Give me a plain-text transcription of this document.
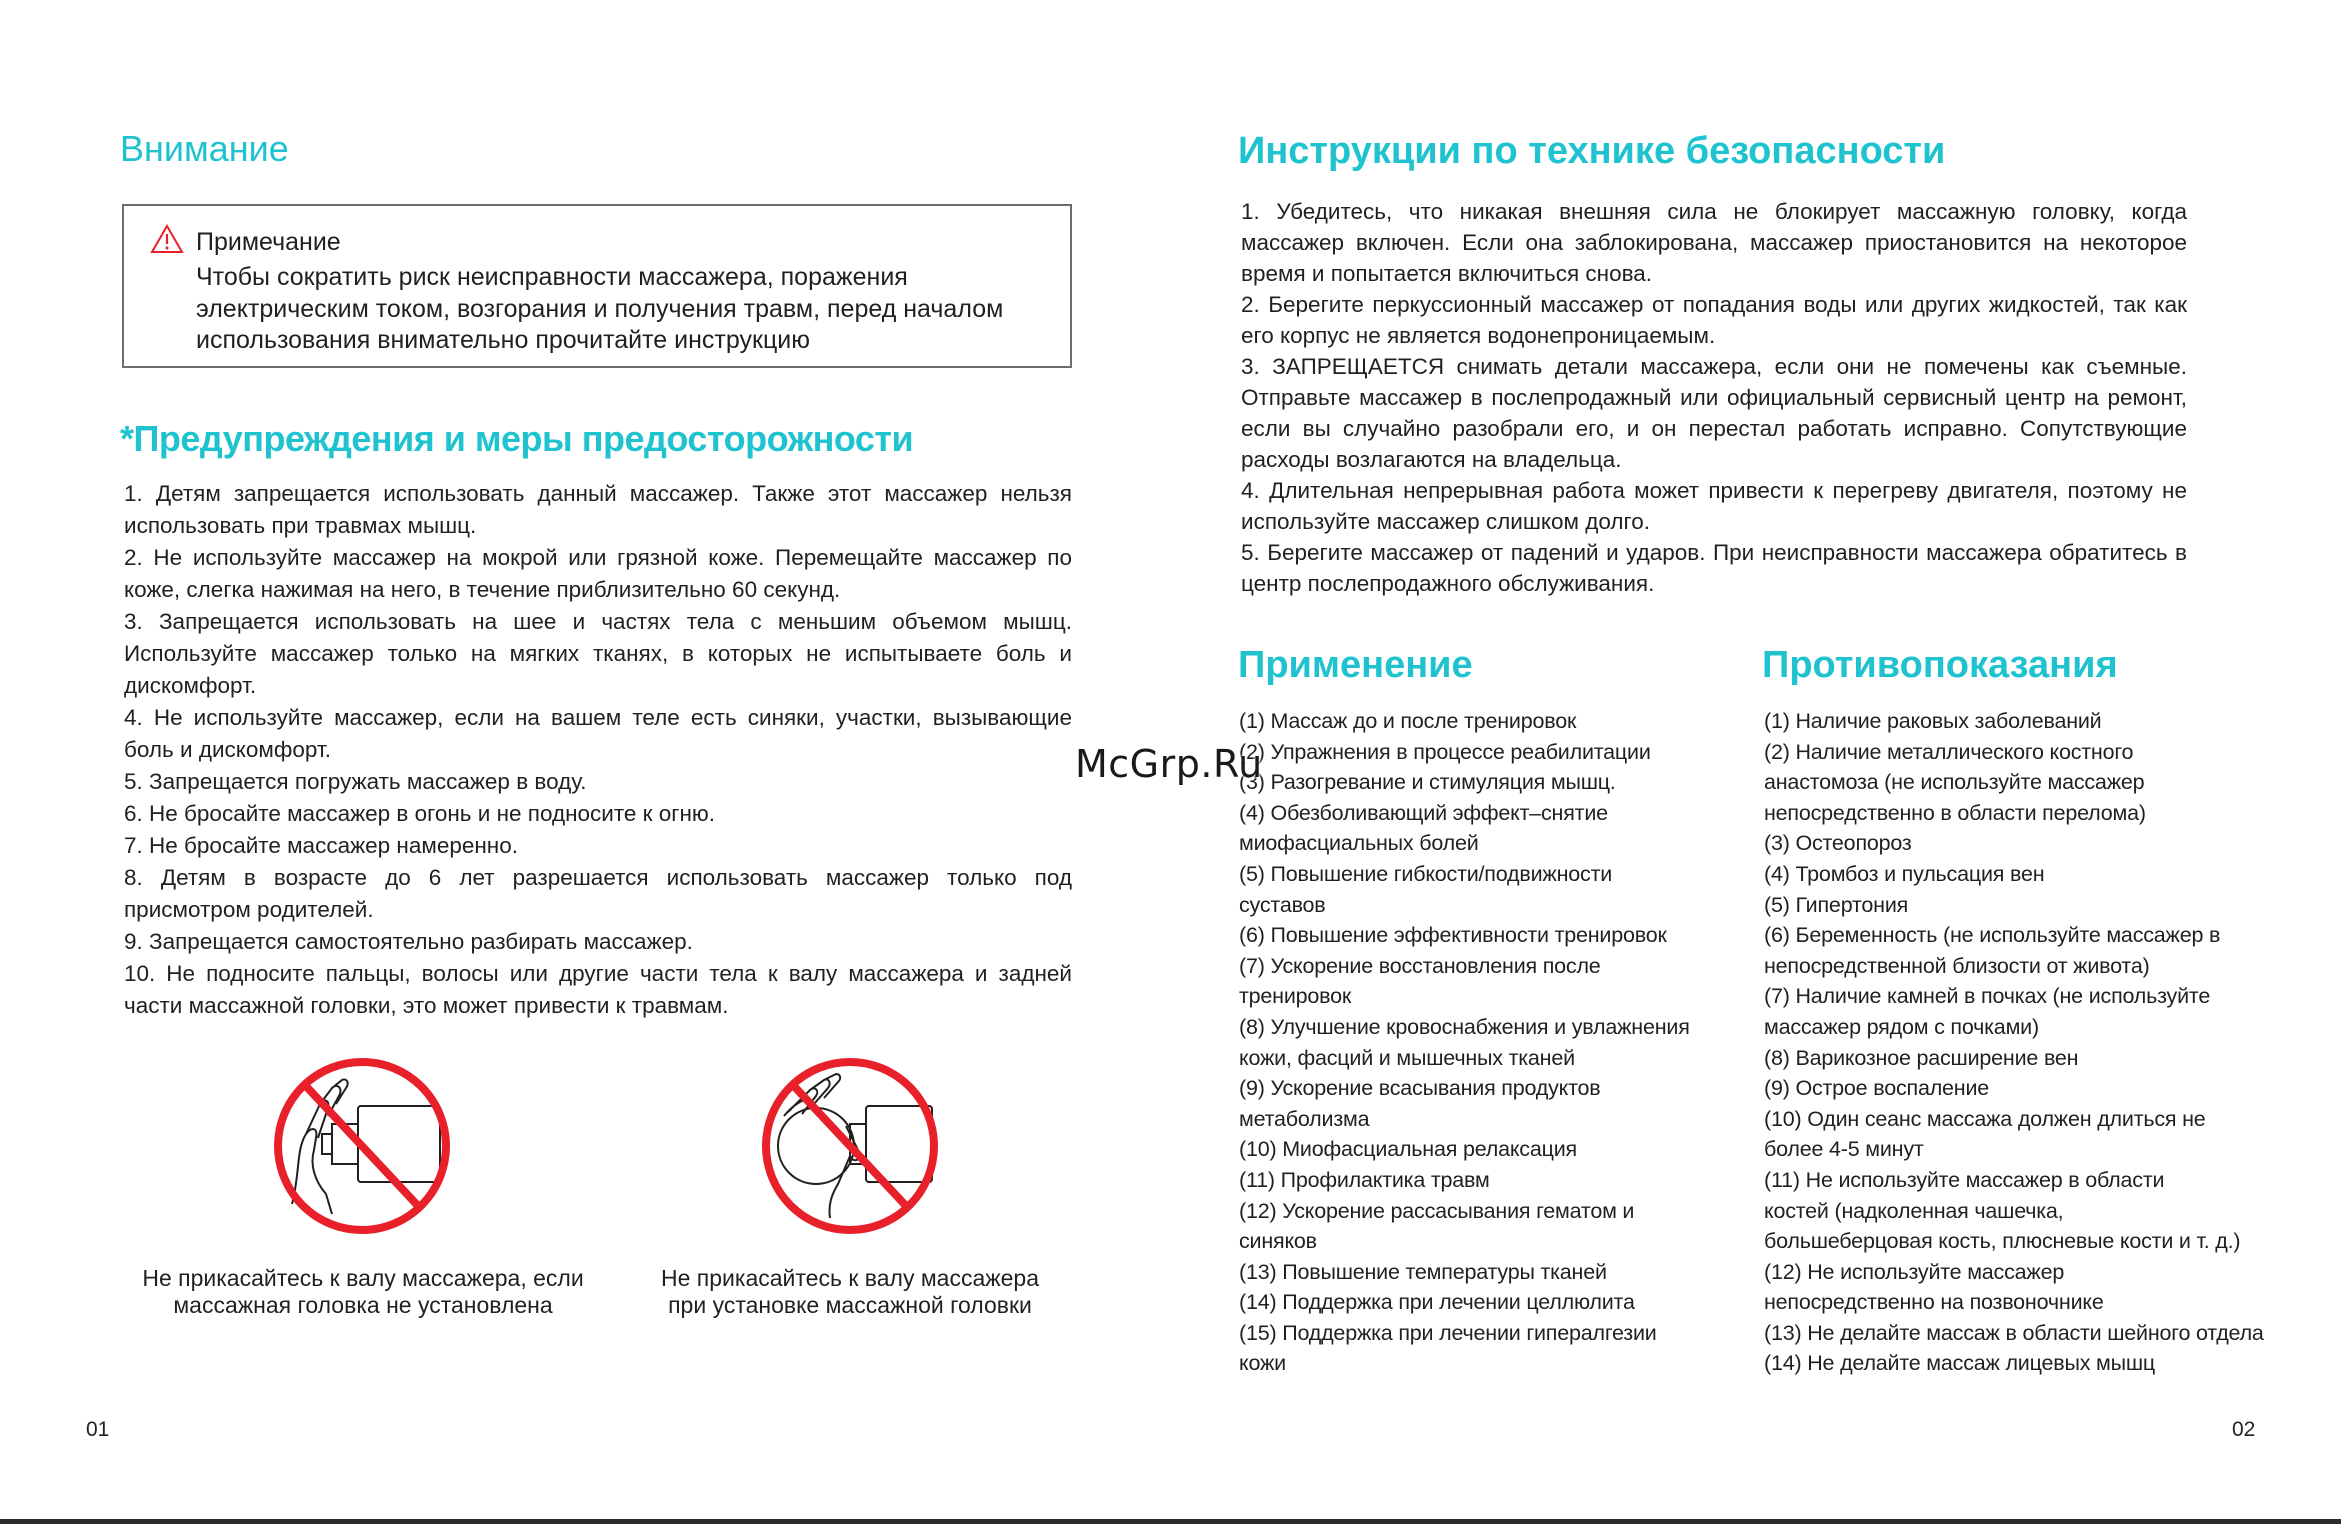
Внимание
Примечание
Чтобы сократить риск неисправности массажера, поражения
электрическим током, возгорания и получения травм, перед началом
использования внимательно прочитайте инструкцию
*Предупреждения и меры предосторожности
1. Детям запрещается использовать данный массажер. Также этот массажер нельзя использовать при травмах мышц.
2. Не используйте массажер на мокрой или грязной коже. Перемещайте массажер по коже, слегка нажимая на него, в течение приблизительно 60 секунд.
3. Запрещается использовать на шее и частях тела с меньшим объемом мышц. Используйте массажер только на мягких тканях, в которых не испытываете боль и дискомфорт.
4. Не используйте массажер, если на вашем теле есть синяки, участки, вызывающие боль и дискомфорт.
5. Запрещается погружать массажер в воду.
6. Не бросайте массажер в огонь и не подносите к огню.
7. Не бросайте массажер намеренно.
8. Детям в возрасте до 6 лет разрешается использовать массажер только под присмотром родителей.
9. Запрещается самостоятельно разбирать массажер.
10. Не подносите пальцы, волосы или другие части тела к валу массажера и задней части массажной головки, это может привести к травмам.
Не прикасайтесь к валу массажера, если
массажная головка не установлена
Не прикасайтесь к валу массажера
при установке массажной головки
01
Инструкции по технике безопасности
1. Убедитесь, что никакая внешняя сила не блокирует массажную головку, когда массажер включен. Если она заблокирована, массажер приостановится на некоторое время и попытается включиться снова.
2. Берегите перкуссионный массажер от попадания воды или других жидкостей, так как его корпус не является водонепроницаемым.
3. ЗАПРЕЩАЕТСЯ снимать детали массажера, если они не помечены как съемные. Отправьте массажер в послепродажный или официальный сервисный центр на ремонт, если вы случайно разобрали его, и он перестал работать исправно. Сопутствующие расходы возлагаются на владельца.
4. Длительная непрерывная работа может привести к перегреву двигателя, поэтому не используйте массажер слишком долго.
5. Берегите массажер от падений и ударов. При неисправности массажера обратитесь в центр послепродажного обслуживания.
Применение	Противопоказания
(1) Массаж до и после тренировок
(2) Упражнения в процессе реабилитации
(3) Разогревание и стимуляция мышц.
(4) Обезболивающий эффект–снятие
миофасциальных болей
(5) Повышение гибкости/подвижности
суставов
(6) Повышение эффективности тренировок
(7) Ускорение восстановления после
тренировок
(8) Улучшение кровоснабжения и увлажнения
кожи, фасций и мышечных тканей
(9) Ускорение всасывания продуктов
метаболизма
(10) Миофасциальная релаксация
(11) Профилактика травм
(12) Ускорение рассасывания гематом и
синяков
(13) Повышение температуры тканей
(14) Поддержка при лечении целлюлита
(15) Поддержка при лечении гипералгезии
кожи
(1) Наличие раковых заболеваний
(2) Наличие металлического костного
анастомоза (не используйте массажер
непосредственно в области перелома)
(3) Остеопороз
(4) Тромбоз и пульсация вен
(5) Гипертония
(6) Беременность (не используйте массажер в
непосредственной близости от живота)
(7) Наличие камней в почках (не используйте
массажер рядом с почками)
(8) Варикозное расширение вен
(9) Острое воспаление
(10) Один сеанс массажа должен длиться не
более 4-5 минут
(11) Не используйте массажер в области
костей (надколенная чашечка,
большеберцовая кость, плюсневые кости и т. д.)
(12) Не используйте массажер
непосредственно на позвоночнике
(13) Не делайте массаж в области шейного отдела
(14) Не делайте массаж лицевых мышц
02
McGrp.Ru
